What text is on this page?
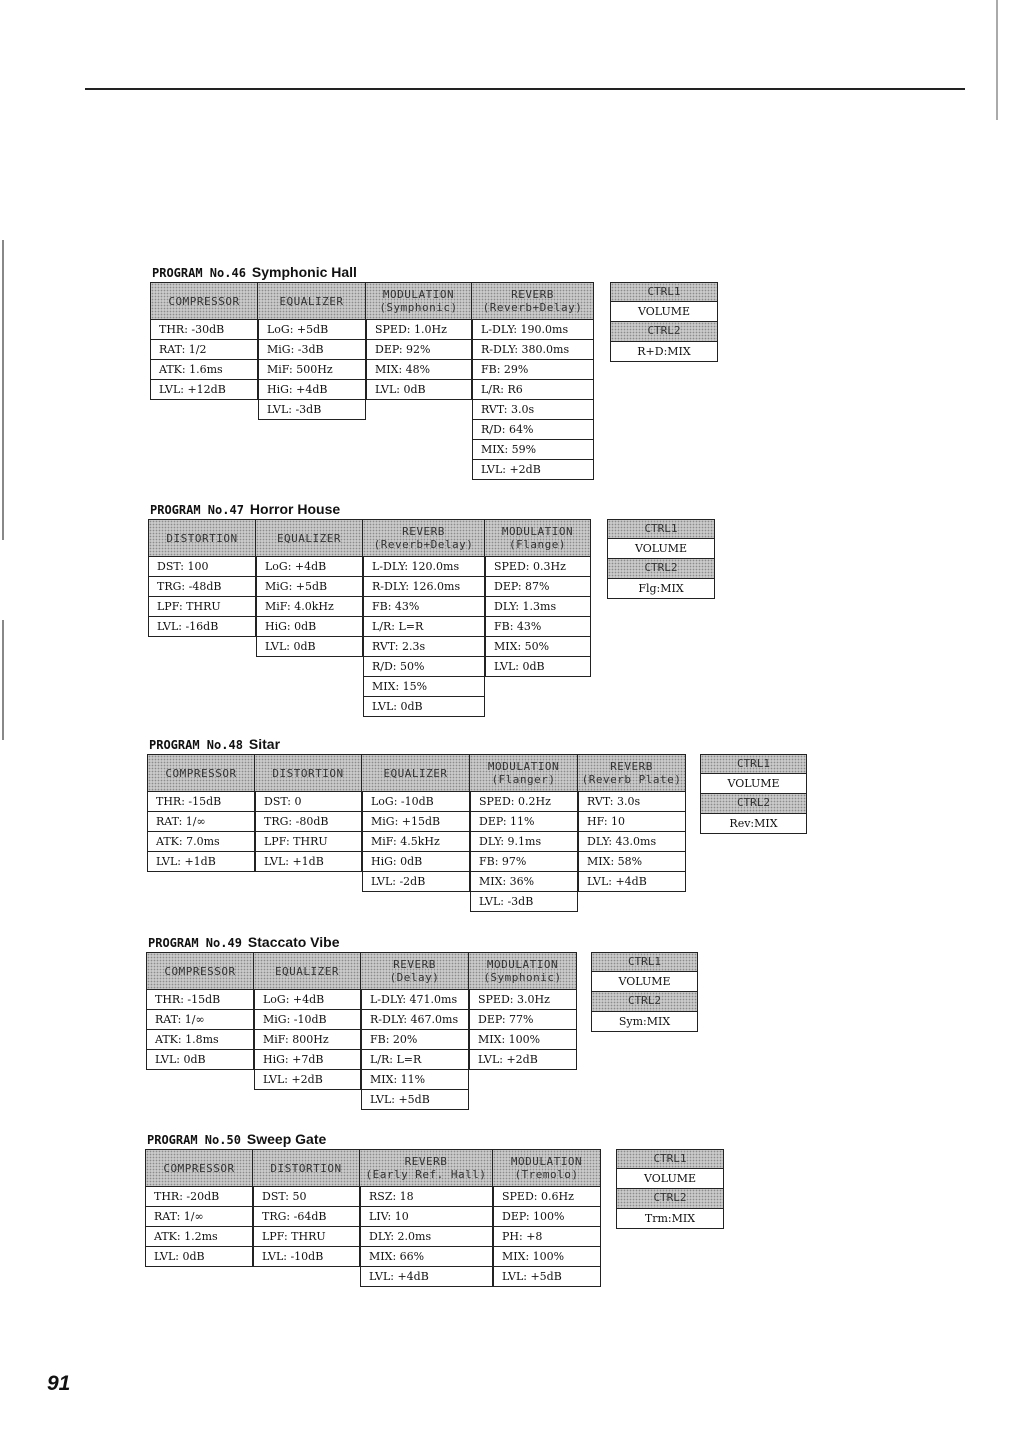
PROGRAM No.46 Symphonic Hall
COMPRESSOR
THR: -30dB
RAT: 1/2
ATK: 1.6ms
LVL: +12dB
EQUALIZER
LoG: +5dB
MiG: -3dB
MiF: 500Hz
HiG: +4dB
LVL: -3dB
MODULATION
(Symphonic)
SPED: 1.0Hz
DEP: 92%
MIX: 48%
LVL: 0dB
REVERB
(Reverb+Delay)
L-DLY: 190.0ms
R-DLY: 380.0ms
FB: 29%
L/R: R6
RVT: 3.0s
R/D: 64%
MIX: 59%
LVL: +2dB
CTRL1
VOLUME
CTRL2
R+D:MIX
PROGRAM No.47 Horror House
DISTORTION
DST: 100
TRG: -48dB
LPF: THRU
LVL: -16dB
EQUALIZER
LoG: +4dB
MiG: +5dB
MiF: 4.0kHz
HiG: 0dB
LVL: 0dB
REVERB
(Reverb+Delay)
L-DLY: 120.0ms
R-DLY: 126.0ms
FB: 43%
L/R: L=R
RVT: 2.3s
R/D: 50%
MIX: 15%
LVL: 0dB
MODULATION
(Flange)
SPED: 0.3Hz
DEP: 87%
DLY: 1.3ms
FB: 43%
MIX: 50%
LVL: 0dB
CTRL1
VOLUME
CTRL2
Flg:MIX
PROGRAM No.48 Sitar
COMPRESSOR
THR: -15dB
RAT: 1/∞
ATK: 7.0ms
LVL: +1dB
DISTORTION
DST: 0
TRG: -80dB
LPF: THRU
LVL: +1dB
EQUALIZER
LoG: -10dB
MiG: +15dB
MiF: 4.5kHz
HiG: 0dB
LVL: -2dB
MODULATION
(Flanger)
SPED: 0.2Hz
DEP: 11%
DLY: 9.1ms
FB: 97%
MIX: 36%
LVL: -3dB
REVERB
(Reverb Plate)
RVT: 3.0s
HF: 10
DLY: 43.0ms
MIX: 58%
LVL: +4dB
CTRL1
VOLUME
CTRL2
Rev:MIX
PROGRAM No.49 Staccato Vibe
COMPRESSOR
THR: -15dB
RAT: 1/∞
ATK: 1.8ms
LVL: 0dB
EQUALIZER
LoG: +4dB
MiG: -10dB
MiF: 800Hz
HiG: +7dB
LVL: +2dB
REVERB
(Delay)
L-DLY: 471.0ms
R-DLY: 467.0ms
FB: 20%
L/R: L=R
MIX: 11%
LVL: +5dB
MODULATION
(Symphonic)
SPED: 3.0Hz
DEP: 77%
MIX: 100%
LVL: +2dB
CTRL1
VOLUME
CTRL2
Sym:MIX
PROGRAM No.50 Sweep Gate
COMPRESSOR
THR: -20dB
RAT: 1/∞
ATK: 1.2ms
LVL: 0dB
DISTORTION
DST: 50
TRG: -64dB
LPF: THRU
LVL: -10dB
REVERB
(Early Ref. Hall)
RSZ: 18
LIV: 10
DLY: 2.0ms
MIX: 66%
LVL: +4dB
MODULATION
(Tremolo)
SPED: 0.6Hz
DEP: 100%
PH: +8
MIX: 100%
LVL: +5dB
CTRL1
VOLUME
CTRL2
Trm:MIX
91
